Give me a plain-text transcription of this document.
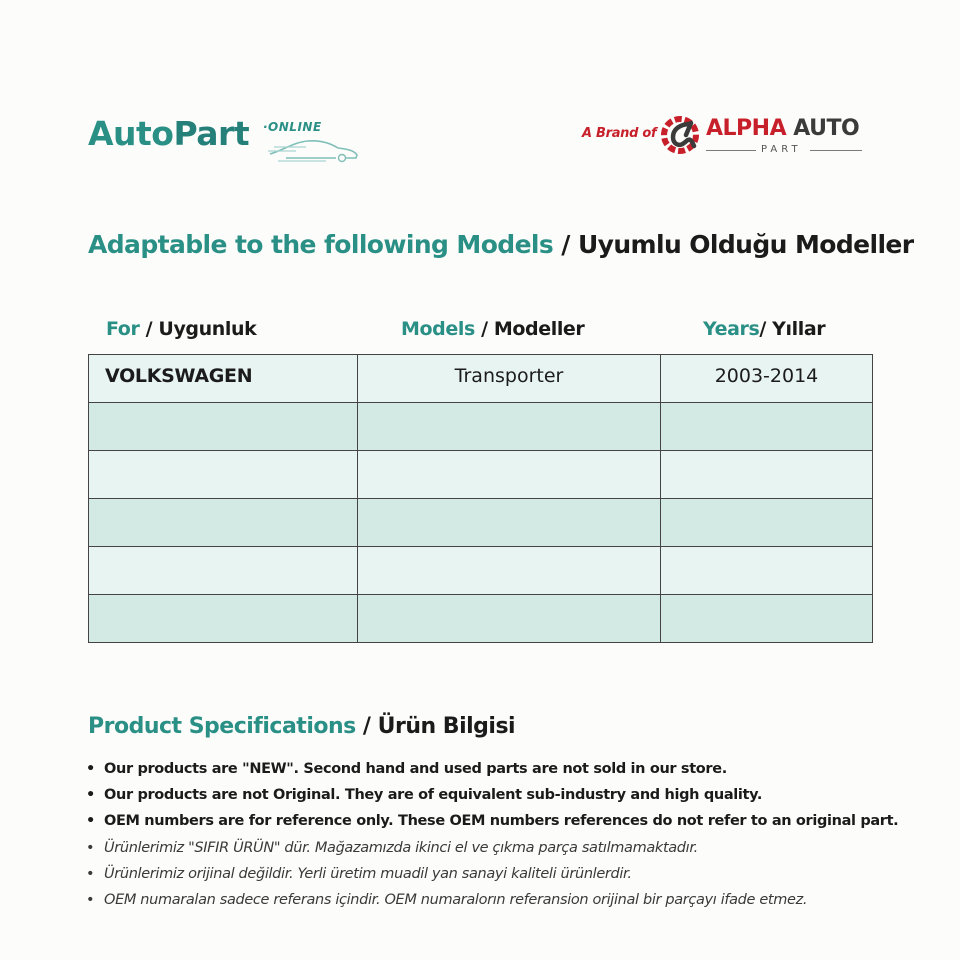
AutoPart ·ONLINE	A Brand of ALPHA AUTO
PART
Adaptable to the following Models / Uyumlu Olduğu Modeller
For / Uygunluk	Models / Modeller	Years/ Yıllar
VOLKSWAGEN	Transporter	2003-2014

Product Specifications / Ürün Bilgisi
• Our products are "NEW". Second hand and used parts are not sold in our store.
• Our products are not Original. They are of equivalent sub-industry and high quality.
• OEM numbers are for reference only. These OEM numbers references do not refer to an original part.
• Ürünlerimiz "SIFIR ÜRÜN" dür. Mağazamızda ikinci el ve çıkma parça satılmamaktadır.
• Ürünlerimiz orijinal değildir. Yerli üretim muadil yan sanayi kaliteli ürünlerdir.
• OEM numaralan sadece referans içindir. OEM numaralorın referansion orijinal bir parçayı ifade etmez.
